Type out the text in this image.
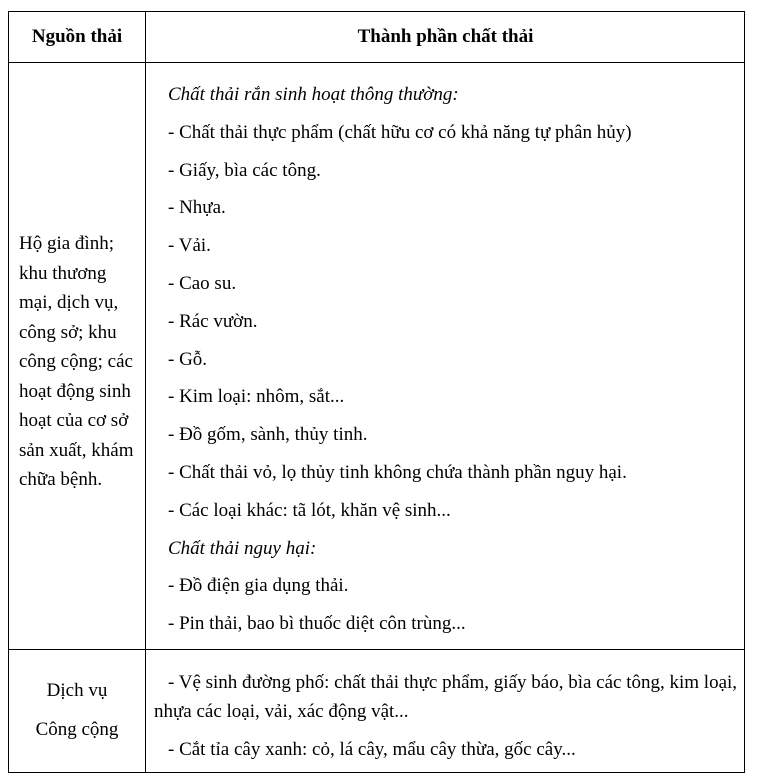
Nguồn thải	Thành phần chất thải
Hộ gia đình; khu thương mại, dịch vụ, công sở; khu công cộng; các hoạt động sinh hoạt của cơ sở sản xuất, khám chữa bệnh.
Chất thải rắn sinh hoạt thông thường:
- Chất thải thực phẩm (chất hữu cơ có khả năng tự phân hủy)
- Giấy, bìa các tông.
- Nhựa.
- Vải.
- Cao su.
- Rác vườn.
- Gỗ.
- Kim loại: nhôm, sắt...
- Đồ gốm, sành, thủy tinh.
- Chất thải vỏ, lọ thủy tinh không chứa thành phần nguy hại.
- Các loại khác: tã lót, khăn vệ sinh...
Chất thải nguy hại:
- Đồ điện gia dụng thải.
- Pin thải, bao bì thuốc diệt côn trùng...
Dịch vụ
Công cộng
- Vệ sinh đường phố: chất thải thực phẩm, giấy báo, bìa các tông, kim loại, nhựa các loại, vải, xác động vật...
- Cắt tỉa cây xanh: cỏ, lá cây, mẩu cây thừa, gốc cây...
